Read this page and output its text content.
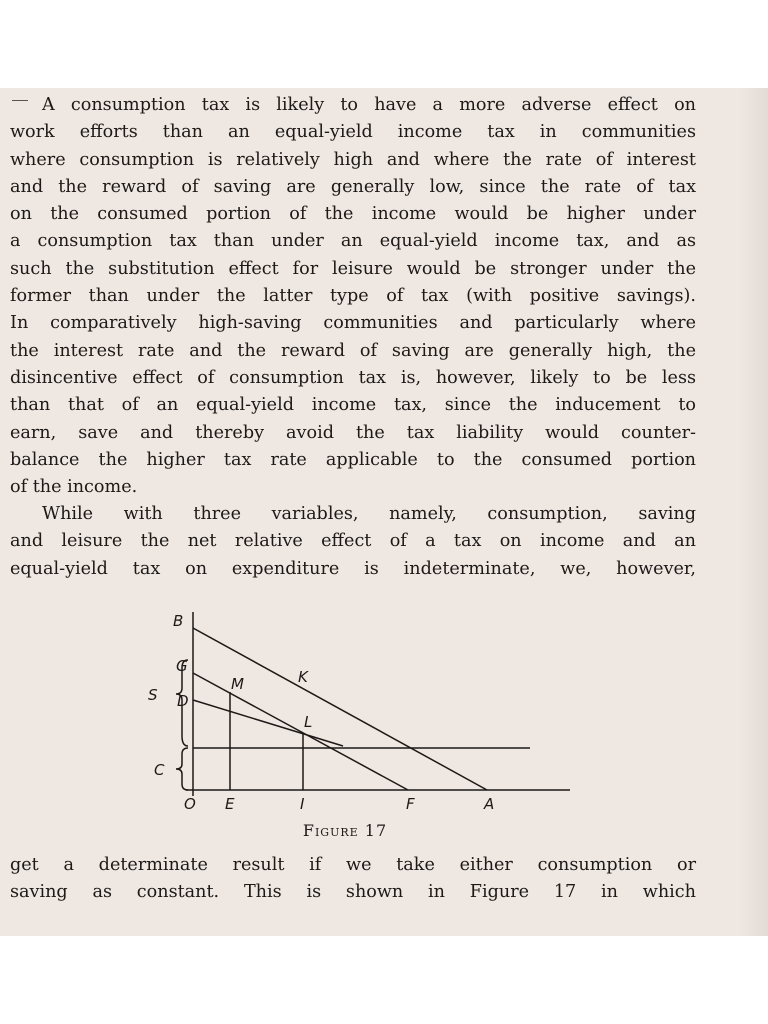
A consumption tax is likely to have a more adverse effect on
work efforts than an equal-yield income tax in communities
where consumption is relatively high and where the rate of interest
and the reward of saving are generally low, since the rate of tax
on the consumed portion of the income would be higher under
a consumption tax than under an equal-yield income tax, and as
such the substitution effect for leisure would be stronger under the
former than under the latter type of tax (with positive savings).
In comparatively high-saving communities and particularly where
the interest rate and the reward of saving are generally high, the
disincentive effect of consumption tax is, however, likely to be less
than that of an equal-yield income tax, since the inducement to
earn, save and thereby avoid the tax liability would counter-
balance the higher tax rate applicable to the consumed portion
of the income.
While with three variables, namely, consumption, saving
and leisure the net relative effect of a tax on income and an
equal-yield tax on expenditure is indeterminate, we, however,
B
G
M	K
S D
L
C
O E	I	F	A
Figure 17
get a determinate result if we take either consumption or
saving as constant. This is shown in Figure 17 in which
